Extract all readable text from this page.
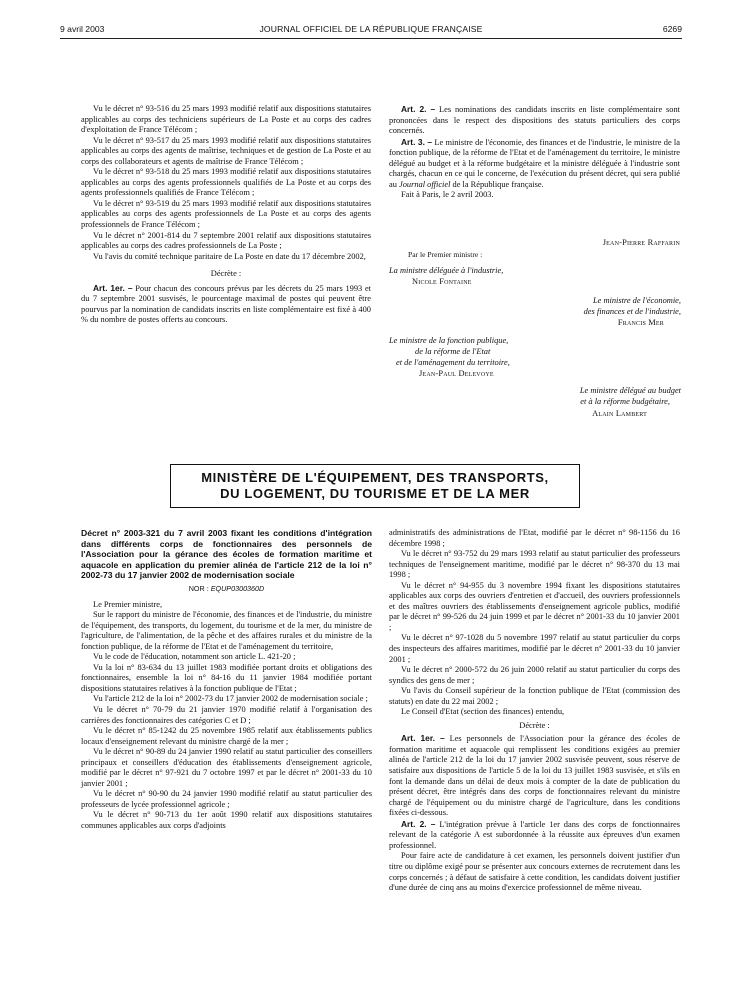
9 avril 2003	JOURNAL OFFICIEL DE LA RÉPUBLIQUE FRANÇAISE	6269

Vu le décret n° 93-516 du 25 mars 1993 modifié relatif aux dispositions statutaires applicables au corps des techniciens supérieurs de La Poste et au corps des cadres d'exploitation de France Télécom ;

Vu le décret n° 93-517 du 25 mars 1993 modifié relatif aux dispositions statutaires applicables au corps des agents de maîtrise, techniques et de gestion de La Poste et au corps des collaborateurs et agents de maîtrise de France Télécom ;

Vu le décret n° 93-518 du 25 mars 1993 modifié relatif aux dispositions statutaires applicables au corps des agents professionnels qualifiés de La Poste et au corps des agents professionnels qualifiés de France Télécom ;

Vu le décret n° 93-519 du 25 mars 1993 modifié relatif aux dispositions statutaires applicables au corps des agents professionnels de La Poste et au corps des agents professionnels de France Télécom ;

Vu le décret n° 2001-814 du 7 septembre 2001 relatif aux dispositions statutaires applicables au corps des cadres professionnels de La Poste ;

Vu l'avis du comité technique paritaire de La Poste en date du 17 décembre 2002,

Décrète :

Art. 1er. – Pour chacun des concours prévus par les décrets du 25 mars 1993 et du 7 septembre 2001 susvisés, le pourcentage maximal de postes qui peuvent être pourvus par la nomination de candidats inscrits en liste complémentaire est fixé à 400 % du nombre de postes offerts au concours.

Art. 2. – Les nominations des candidats inscrits en liste complémentaire sont prononcées dans le respect des dispositions des statuts particuliers des corps concernés.

Art. 3. – Le ministre de l'économie, des finances et de l'industrie, le ministre de la fonction publique, de la réforme de l'Etat et de l'aménagement du territoire, le ministre délégué au budget et à la réforme budgétaire et la ministre déléguée à l'industrie sont chargés, chacun en ce qui le concerne, de l'exécution du présent décret, qui sera publié au Journal officiel de la République française.

Fait à Paris, le 2 avril 2003.

Jean-Pierre Raffarin
Par le Premier ministre :
La ministre déléguée à l'industrie,
Nicole Fontaine
Le ministre de l'économie,
des finances et de l'industrie,
Francis Mer
Le ministre de la fonction publique,
de la réforme de l'Etat
et de l'aménagement du territoire,
Jean-Paul Delevoye
Le ministre délégué au budget
et à la réforme budgétaire,
Alain Lambert
MINISTÈRE DE L'ÉQUIPEMENT, DES TRANSPORTS,
DU LOGEMENT, DU TOURISME ET DE LA MER

Décret n° 2003-321 du 7 avril 2003 fixant les conditions d'intégration dans différents corps de fonctionnaires des personnels de l'Association pour la gérance des écoles de formation maritime et aquacole en application du premier alinéa de l'article 212 de la loi n° 2002-73 du 17 janvier 2002 de modernisation sociale

NOR : EQUP0300360D

Le Premier ministre,

Sur le rapport du ministre de l'économie, des finances et de l'industrie, du ministre de l'équipement, des transports, du logement, du tourisme et de la mer, du ministre de l'agriculture, de l'alimentation, de la pêche et des affaires rurales et du ministre de la fonction publique, de la réforme de l'Etat et de l'aménagement du territoire,

Vu le code de l'éducation, notamment son article L. 421-20 ;

Vu la loi n° 83-634 du 13 juillet 1983 modifiée portant droits et obligations des fonctionnaires, ensemble la loi n° 84-16 du 11 janvier 1984 modifiée portant dispositions statutaires relatives à la fonction publique de l'Etat ;

Vu l'article 212 de la loi n° 2002-73 du 17 janvier 2002 de modernisation sociale ;

Vu le décret n° 70-79 du 21 janvier 1970 modifié relatif à l'organisation des carrières des fonctionnaires des catégories C et D ;

Vu le décret n° 85-1242 du 25 novembre 1985 relatif aux établissements publics locaux d'enseignement relevant du ministre chargé de la mer ;

Vu le décret n° 90-89 du 24 janvier 1990 relatif au statut particulier des conseillers principaux et conseillers d'éducation des établissements d'enseignement agricole, modifié par le décret n° 97-921 du 7 octobre 1997 et par le décret n° 2001-33 du 10 janvier 2001 ;

Vu le décret n° 90-90 du 24 janvier 1990 modifié relatif au statut particulier des professeurs de lycée professionnel agricole ;

Vu le décret n° 90-713 du 1er août 1990 relatif aux dispositions statutaires communes applicables aux corps d'adjoints

administratifs des administrations de l'Etat, modifié par le décret n° 98-1156 du 16 décembre 1998 ;

Vu le décret n° 93-752 du 29 mars 1993 relatif au statut particulier des professeurs techniques de l'enseignement maritime, modifié par le décret n° 98-370 du 13 mai 1998 ;

Vu le décret n° 94-955 du 3 novembre 1994 fixant les dispositions statutaires applicables aux corps des ouvriers d'entretien et d'accueil, des ouvriers professionnels et des maîtres ouvriers des établissements d'enseignement agricole publics, modifié par le décret n° 99-526 du 24 juin 1999 et par le décret n° 2001-33 du 10 janvier 2001 ;

Vu le décret n° 97-1028 du 5 novembre 1997 relatif au statut particulier du corps des inspecteurs des affaires maritimes, modifié par le décret n° 2001-33 du 10 janvier 2001 ;

Vu le décret n° 2000-572 du 26 juin 2000 relatif au statut particulier du corps des syndics des gens de mer ;

Vu l'avis du Conseil supérieur de la fonction publique de l'Etat (commission des statuts) en date du 22 mai 2002 ;

Le Conseil d'Etat (section des finances) entendu,

Décrète :

Art. 1er. – Les personnels de l'Association pour la gérance des écoles de formation maritime et aquacole qui remplissent les conditions exigées au premier alinéa de l'article 212 de la loi du 17 janvier 2002 susvisée peuvent, sous réserve de satisfaire aux dispositions de l'article 5 de la loi du 13 juillet 1983 susvisée, et s'ils en font la demande dans un délai de deux mois à compter de la date de publication du présent décret, être intégrés dans des corps de fonctionnaires relevant du ministre chargé de l'équipement ou du ministre chargé de l'agriculture, dans les conditions fixées ci-dessous.

Art. 2. – L'intégration prévue à l'article 1er dans des corps de fonctionnaires relevant de la catégorie A est subordonnée à la réussite aux épreuves d'un examen professionnel.

Pour faire acte de candidature à cet examen, les personnels doivent justifier d'un titre ou diplôme exigé pour se présenter aux concours externes de recrutement dans les corps concernés ; à défaut de satisfaire à cette condition, les candidats doivent justifier d'une durée de cinq ans au moins d'exercice professionnel de même niveau.
